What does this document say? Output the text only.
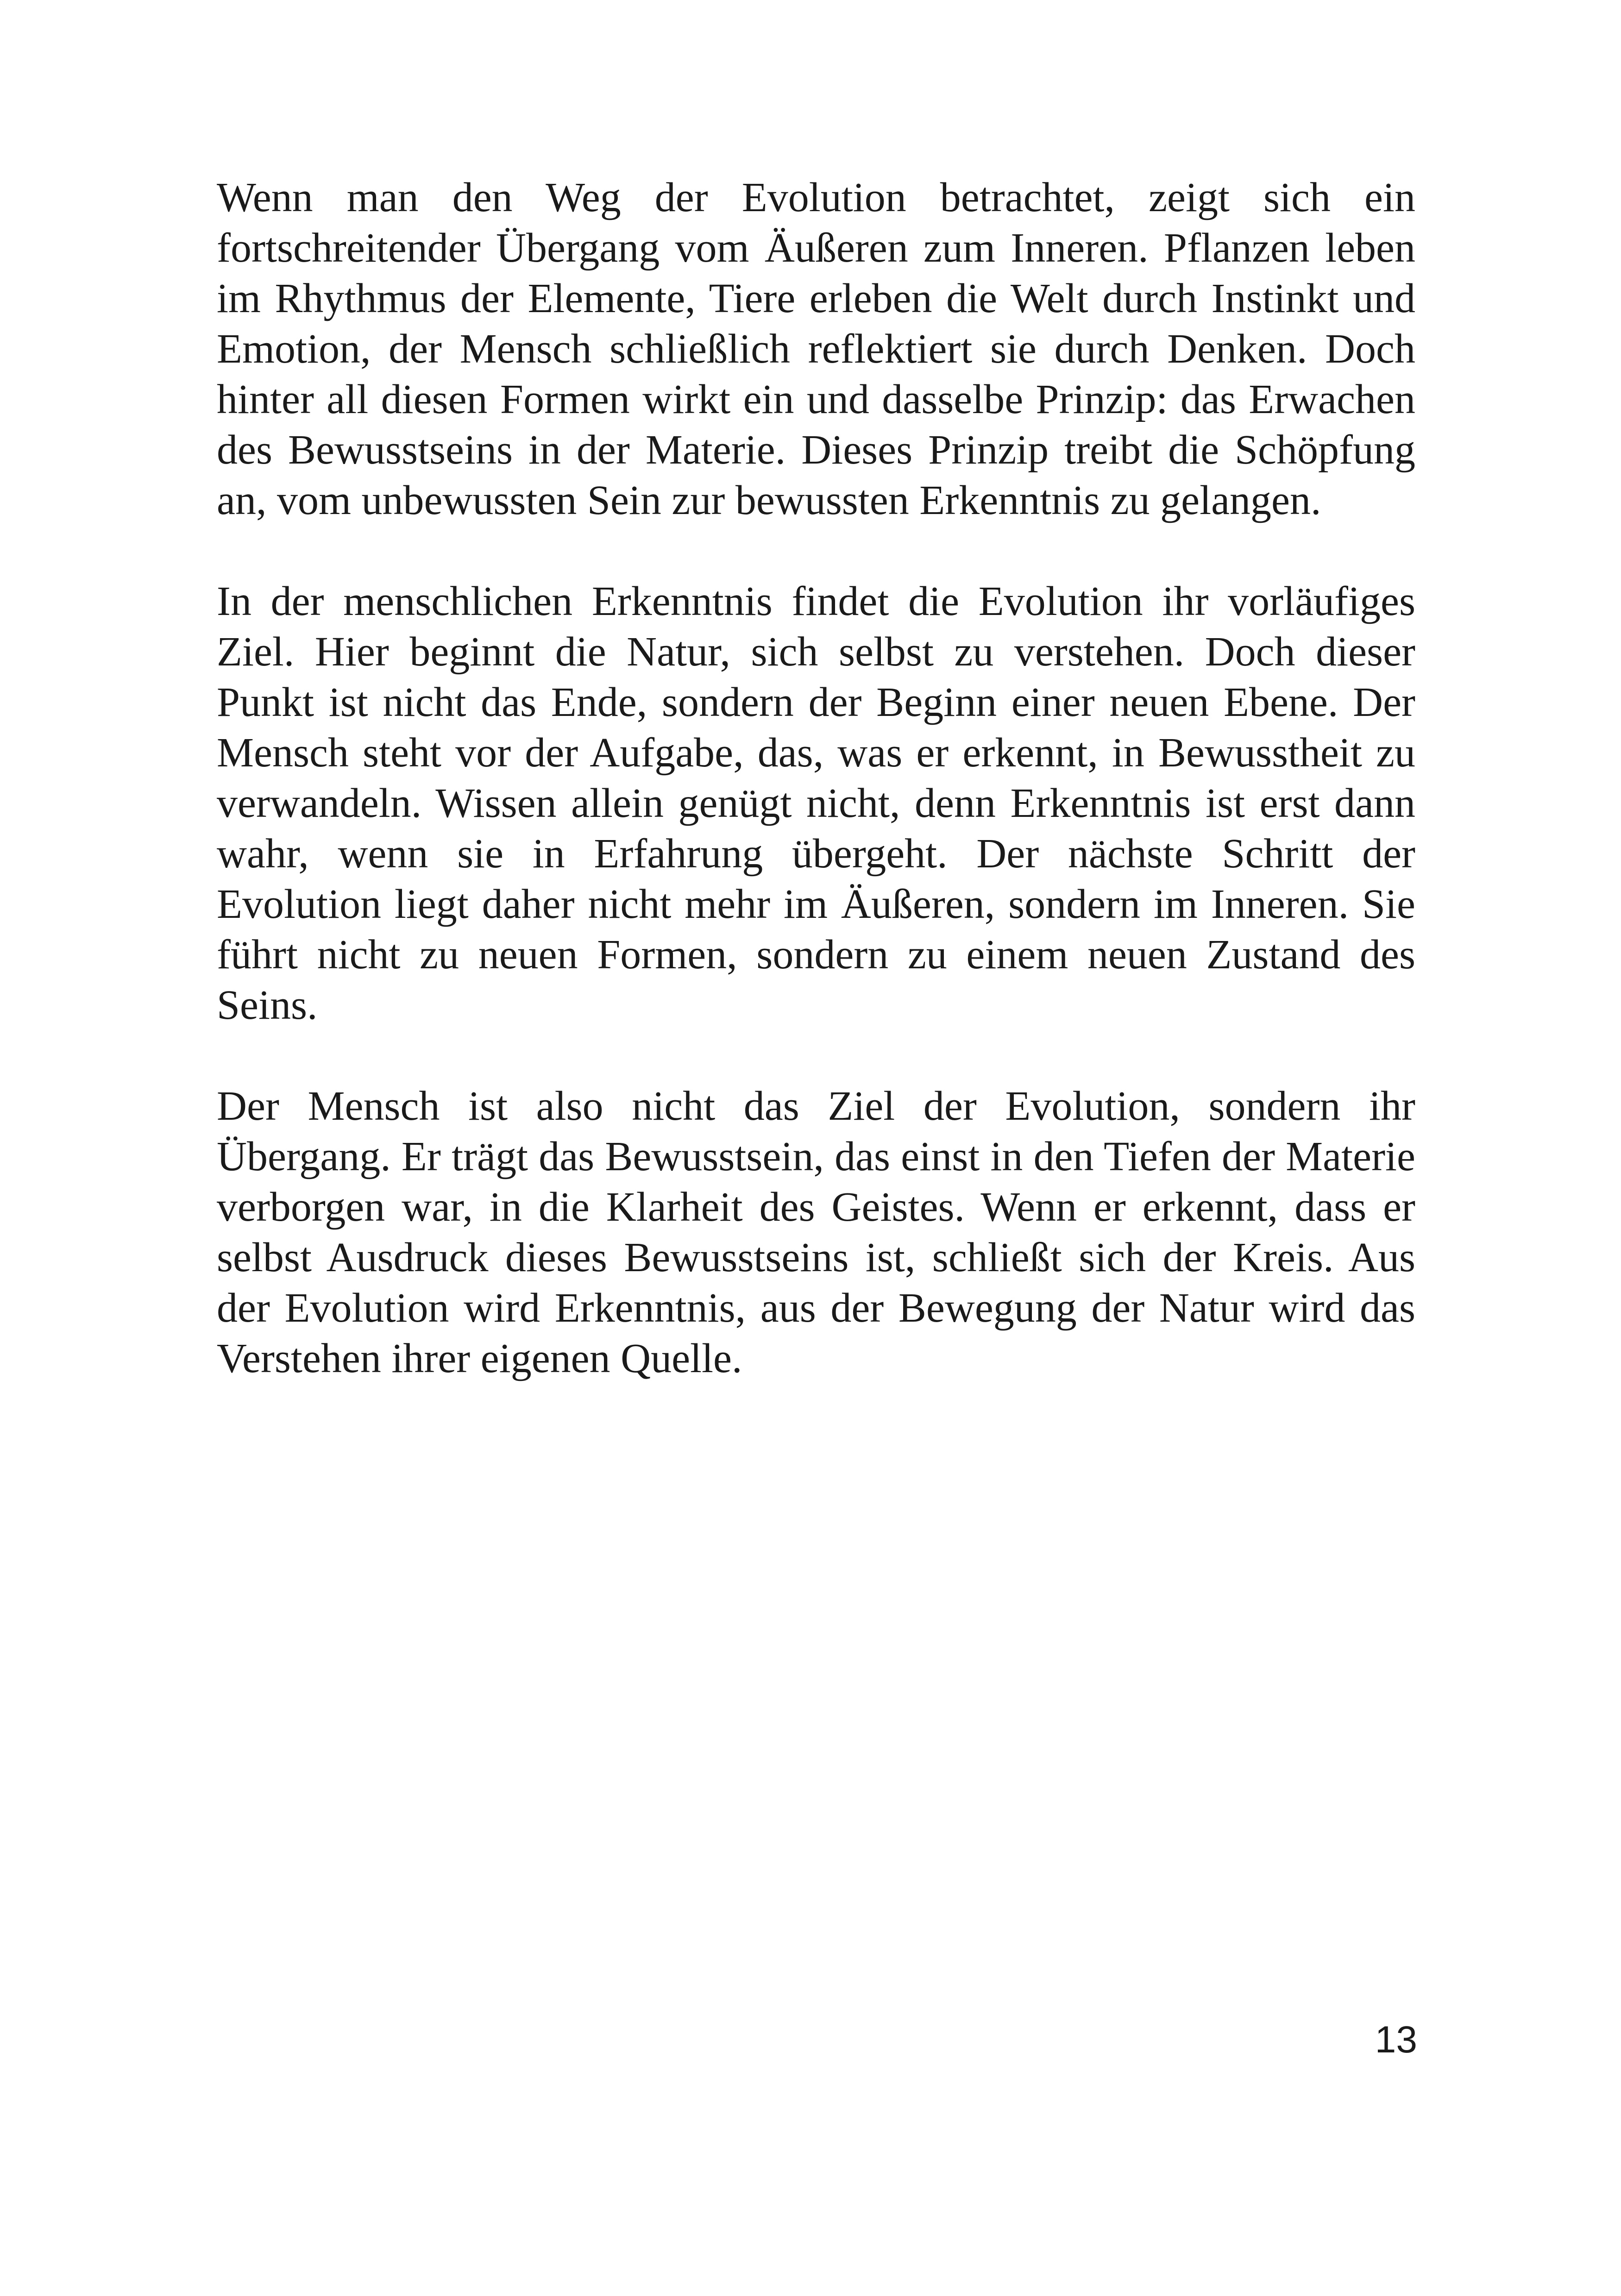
Wenn man den Weg der Evolution betrachtet, zeigt sich ein fortschreitender Übergang vom Äußeren zum Inneren. Pflanzen leben im Rhythmus der Elemente, Tiere erleben die Welt durch Instinkt und Emotion, der Mensch schließlich reflektiert sie durch Denken. Doch hinter all diesen Formen wirkt ein und dasselbe Prinzip: das Erwachen des Bewusstseins in der Materie. Dieses Prinzip treibt die Schöpfung an, vom unbewussten Sein zur bewussten Erkenntnis zu gelangen.

In der menschlichen Erkenntnis findet die Evolution ihr vorläufiges Ziel. Hier beginnt die Natur, sich selbst zu verstehen. Doch dieser Punkt ist nicht das Ende, sondern der Beginn einer neuen Ebene. Der Mensch steht vor der Aufgabe, das, was er erkennt, in Bewusstheit zu verwandeln. Wissen allein genügt nicht, denn Erkenntnis ist erst dann wahr, wenn sie in Erfahrung übergeht. Der nächste Schritt der Evolution liegt daher nicht mehr im Äußeren, sondern im Inneren. Sie führt nicht zu neuen Formen, sondern zu einem neuen Zustand des Seins.

Der Mensch ist also nicht das Ziel der Evolution, sondern ihr Übergang. Er trägt das Bewusstsein, das einst in den Tiefen der Materie verborgen war, in die Klarheit des Geistes. Wenn er erkennt, dass er selbst Ausdruck dieses Bewusstseins ist, schließt sich der Kreis. Aus der Evolution wird Erkenntnis, aus der Bewegung der Natur wird das Verstehen ihrer eigenen Quelle.

13
